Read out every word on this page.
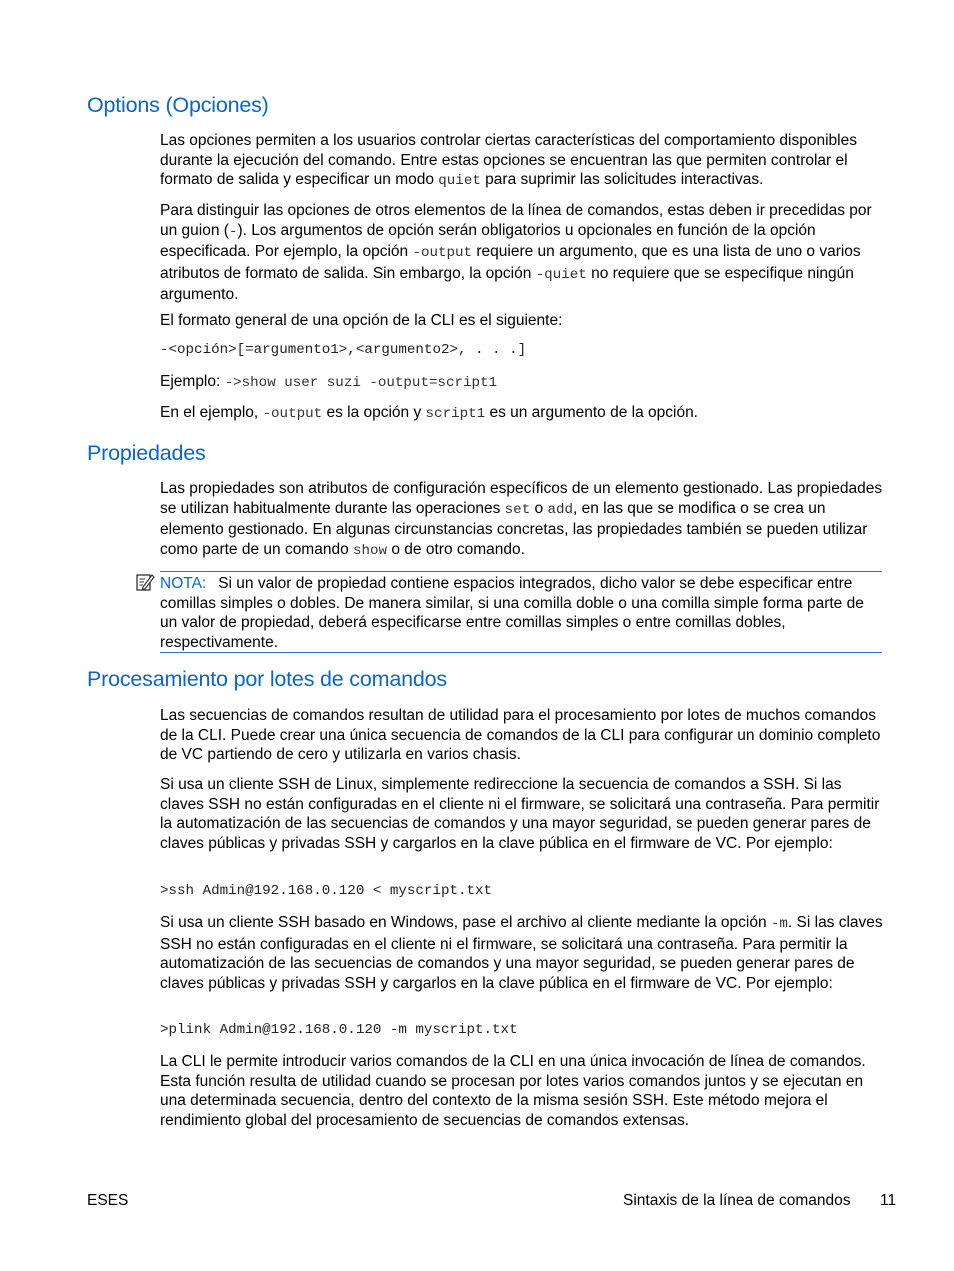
Options (Opciones)

Las opciones permiten a los usuarios controlar ciertas características del comportamiento disponibles durante la ejecución del comando. Entre estas opciones se encuentran las que permiten controlar el formato de salida y especificar un modo quiet para suprimir las solicitudes interactivas.

Para distinguir las opciones de otros elementos de la línea de comandos, estas deben ir precedidas por un guion (-). Los argumentos de opción serán obligatorios u opcionales en función de la opción especificada. Por ejemplo, la opción -output requiere un argumento, que es una lista de uno o varios atributos de formato de salida. Sin embargo, la opción -quiet no requiere que se especifique ningún argumento.

El formato general de una opción de la CLI es el siguiente:

-<opción>[=argumento1>,<argumento2>, . . .]

Ejemplo: ->show user suzi -output=script1

En el ejemplo, -output es la opción y script1 es un argumento de la opción.

Propiedades

Las propiedades son atributos de configuración específicos de un elemento gestionado. Las propiedades se utilizan habitualmente durante las operaciones set o add, en las que se modifica o se crea un elemento gestionado. En algunas circunstancias concretas, las propiedades también se pueden utilizar como parte de un comando show o de otro comando.

NOTA: Si un valor de propiedad contiene espacios integrados, dicho valor se debe especificar entre comillas simples o dobles. De manera similar, si una comilla doble o una comilla simple forma parte de un valor de propiedad, deberá especificarse entre comillas simples o entre comillas dobles, respectivamente.

Procesamiento por lotes de comandos

Las secuencias de comandos resultan de utilidad para el procesamiento por lotes de muchos comandos de la CLI. Puede crear una única secuencia de comandos de la CLI para configurar un dominio completo de VC partiendo de cero y utilizarla en varios chasis.

Si usa un cliente SSH de Linux, simplemente redireccione la secuencia de comandos a SSH. Si las claves SSH no están configuradas en el cliente ni el firmware, se solicitará una contraseña. Para permitir la automatización de las secuencias de comandos y una mayor seguridad, se pueden generar pares de claves públicas y privadas SSH y cargarlos en la clave pública en el firmware de VC. Por ejemplo:

>ssh Admin@192.168.0.120 < myscript.txt

Si usa un cliente SSH basado en Windows, pase el archivo al cliente mediante la opción -m. Si las claves SSH no están configuradas en el cliente ni el firmware, se solicitará una contraseña. Para permitir la automatización de las secuencias de comandos y una mayor seguridad, se pueden generar pares de claves públicas y privadas SSH y cargarlos en la clave pública en el firmware de VC. Por ejemplo:

>plink Admin@192.168.0.120 -m myscript.txt

La CLI le permite introducir varios comandos de la CLI en una única invocación de línea de comandos. Esta función resulta de utilidad cuando se procesan por lotes varios comandos juntos y se ejecutan en una determinada secuencia, dentro del contexto de la misma sesión SSH. Este método mejora el rendimiento global del procesamiento de secuencias de comandos extensas.

ESES	Sintaxis de la línea de comandos 11
